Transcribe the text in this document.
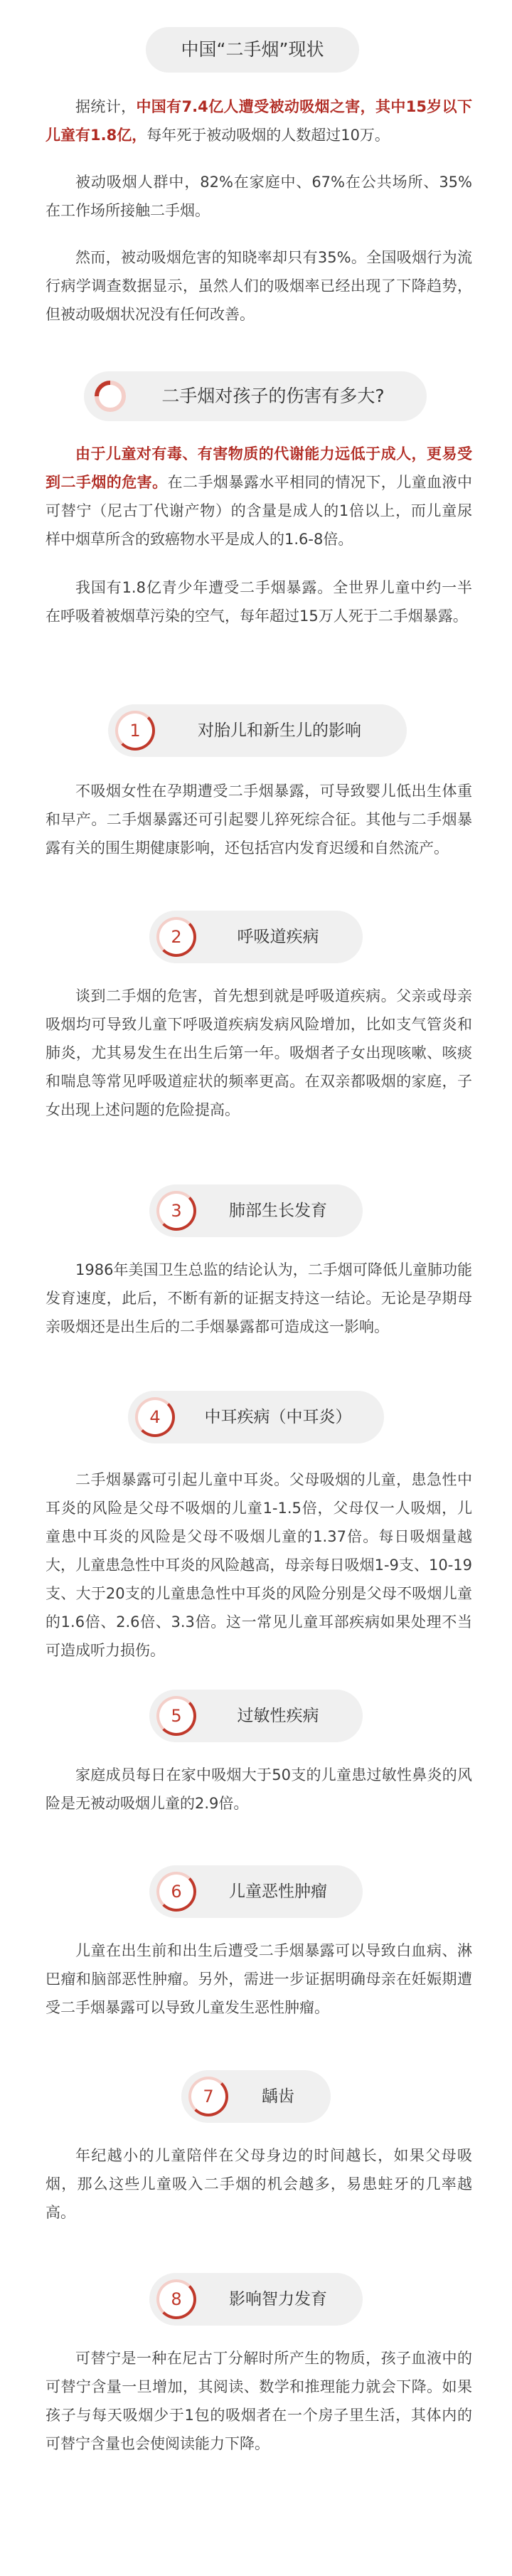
中国“二手烟”现状

据统计，中国有7.4亿人遭受被动吸烟之害，其中15岁以下儿童有1.8亿，每年死于被动吸烟的人数超过10万。

被动吸烟人群中，82%在家庭中、67%在公共场所、35%在工作场所接触二手烟。

然而，被动吸烟危害的知晓率却只有35%。全国吸烟行为流行病学调查数据显示，虽然人们的吸烟率已经出现了下降趋势，但被动吸烟状况没有任何改善。

二手烟对孩子的伤害有多大?

由于儿童对有毒、有害物质的代谢能力远低于成人，更易受到二手烟的危害。在二手烟暴露水平相同的情况下，儿童血液中可替宁（尼古丁代谢产物）的含量是成人的1倍以上，而儿童尿样中烟草所含的致癌物水平是成人的1.6-8倍。

我国有1.8亿青少年遭受二手烟暴露。全世界儿童中约一半在呼吸着被烟草污染的空气，每年超过15万人死于二手烟暴露。

1	对胎儿和新生儿的影响

不吸烟女性在孕期遭受二手烟暴露，可导致婴儿低出生体重和早产。二手烟暴露还可引起婴儿猝死综合征。其他与二手烟暴露有关的围生期健康影响，还包括宫内发育迟缓和自然流产。

2	呼吸道疾病

谈到二手烟的危害，首先想到就是呼吸道疾病。父亲或母亲吸烟均可导致儿童下呼吸道疾病发病风险增加，比如支气管炎和肺炎，尤其易发生在出生后第一年。吸烟者子女出现咳嗽、咳痰和喘息等常见呼吸道症状的频率更高。在双亲都吸烟的家庭，子女出现上述问题的危险提高。

3	肺部生长发育

1986年美国卫生总监的结论认为，二手烟可降低儿童肺功能发育速度，此后，不断有新的证据支持这一结论。无论是孕期母亲吸烟还是出生后的二手烟暴露都可造成这一影响。

4	中耳疾病（中耳炎）

二手烟暴露可引起儿童中耳炎。父母吸烟的儿童，患急性中耳炎的风险是父母不吸烟的儿童1-1.5倍，父母仅一人吸烟，儿童患中耳炎的风险是父母不吸烟儿童的1.37倍。每日吸烟量越大，儿童患急性中耳炎的风险越高，母亲每日吸烟1-9支、10-19支、大于20支的儿童患急性中耳炎的风险分别是父母不吸烟儿童的1.6倍、2.6倍、3.3倍。这一常见儿童耳部疾病如果处理不当可造成听力损伤。

5	过敏性疾病

家庭成员每日在家中吸烟大于50支的儿童患过敏性鼻炎的风险是无被动吸烟儿童的2.9倍。

6	儿童恶性肿瘤

儿童在出生前和出生后遭受二手烟暴露可以导致白血病、淋巴瘤和脑部恶性肿瘤。另外，需进一步证据明确母亲在妊娠期遭受二手烟暴露可以导致儿童发生恶性肿瘤。

7	龋齿

年纪越小的儿童陪伴在父母身边的时间越长，如果父母吸烟，那么这些儿童吸入二手烟的机会越多，易患蛀牙的几率越高。

8	影响智力发育

可替宁是一种在尼古丁分解时所产生的物质，孩子血液中的可替宁含量一旦增加，其阅读、数学和推理能力就会下降。如果孩子与每天吸烟少于1包的吸烟者在一个房子里生活，其体内的可替宁含量也会使阅读能力下降。
